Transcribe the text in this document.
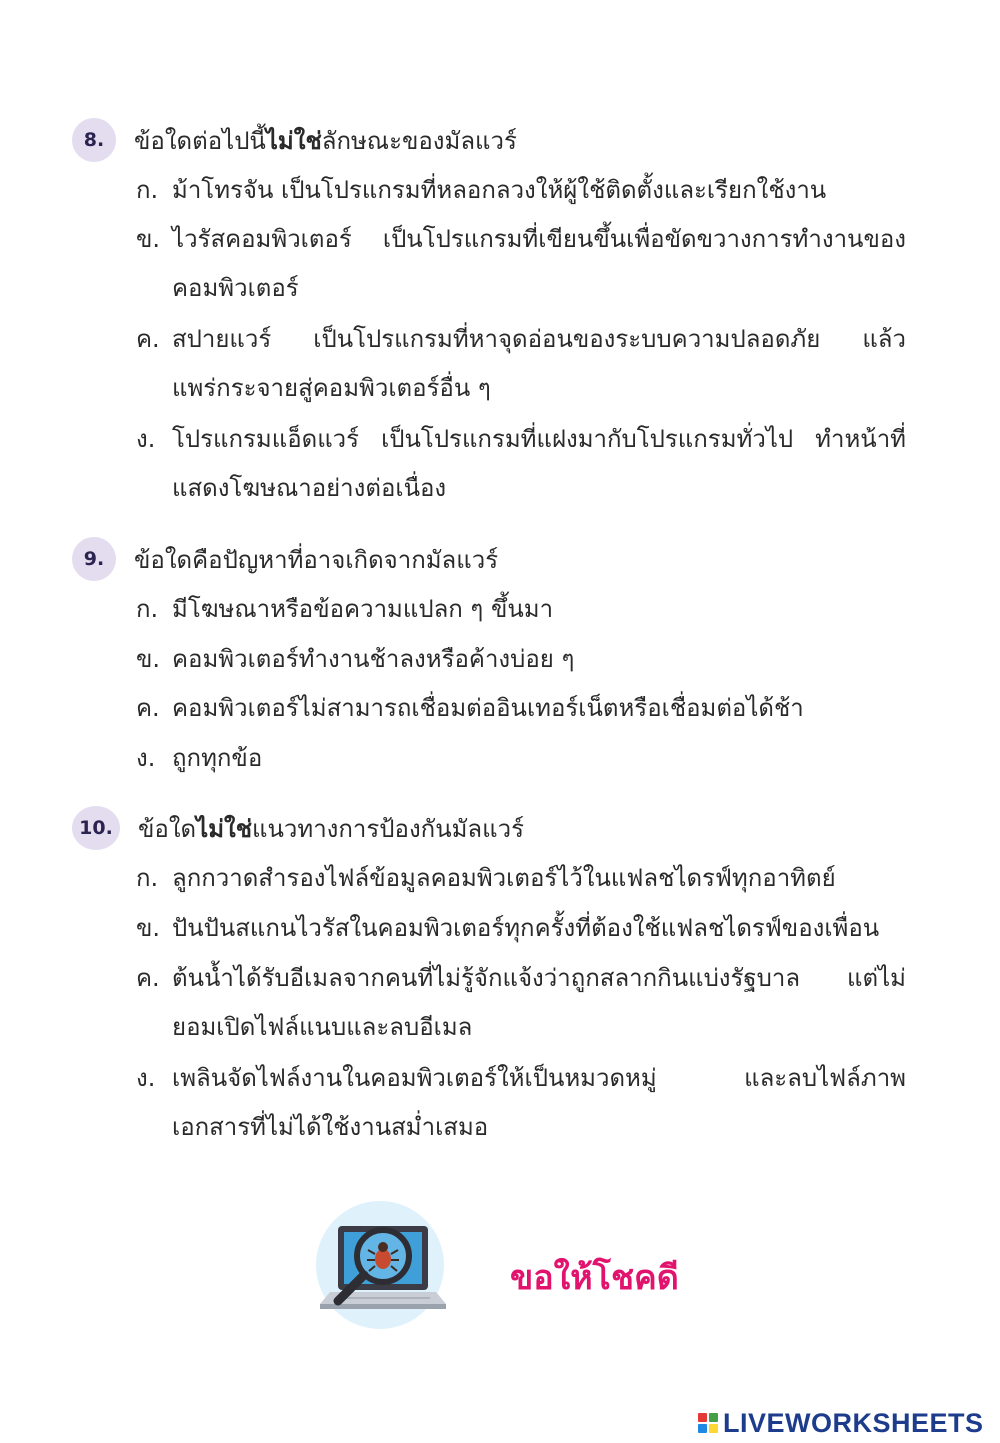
8.	ข้อใดต่อไปนี้ไม่ใช่ลักษณะของมัลแวร์
ก. ม้าโทรจัน เป็นโปรแกรมที่หลอกลวงให้ผู้ใช้ติดตั้งและเรียกใช้งาน
ข. ไวรัสคอมพิวเตอร์ เป็นโปรแกรมที่เขียนขึ้นเพื่อขัดขวางการทำงานของ
คอมพิวเตอร์
ค. สปายแวร์ เป็นโปรแกรมที่หาจุดอ่อนของระบบความปลอดภัย แล้ว
แพร่กระจายสู่คอมพิวเตอร์อื่น ๆ
ง. โปรแกรมแอ็ดแวร์ เป็นโปรแกรมที่แฝงมากับโปรแกรมทั่วไป ทำหน้าที่
แสดงโฆษณาอย่างต่อเนื่อง
9.	ข้อใดคือปัญหาที่อาจเกิดจากมัลแวร์
ก. มีโฆษณาหรือข้อความแปลก ๆ ขึ้นมา
ข. คอมพิวเตอร์ทำงานช้าลงหรือค้างบ่อย ๆ
ค. คอมพิวเตอร์ไม่สามารถเชื่อมต่ออินเทอร์เน็ตหรือเชื่อมต่อได้ช้า
ง. ถูกทุกข้อ
10. ข้อใดไม่ใช่แนวทางการป้องกันมัลแวร์
ก. ลูกกวาดสำรองไฟล์ข้อมูลคอมพิวเตอร์ไว้ในแฟลชไดรฟ์ทุกอาทิตย์
ข. ปันปันสแกนไวรัสในคอมพิวเตอร์ทุกครั้งที่ต้องใช้แฟลชไดรฟ์ของเพื่อน
ค. ต้นน้ำได้รับอีเมลจากคนที่ไม่รู้จักแจ้งว่าถูกสลากกินแบ่งรัฐบาล แต่ไม่
ยอมเปิดไฟล์แนบและลบอีเมล
ง. เพลินจัดไฟล์งานในคอมพิวเตอร์ให้เป็นหมวดหมู่ และลบไฟล์ภาพ
เอกสารที่ไม่ได้ใช้งานสม่ำเสมอ
ขอให้โชคดี
LIVEWORKSHEETS
